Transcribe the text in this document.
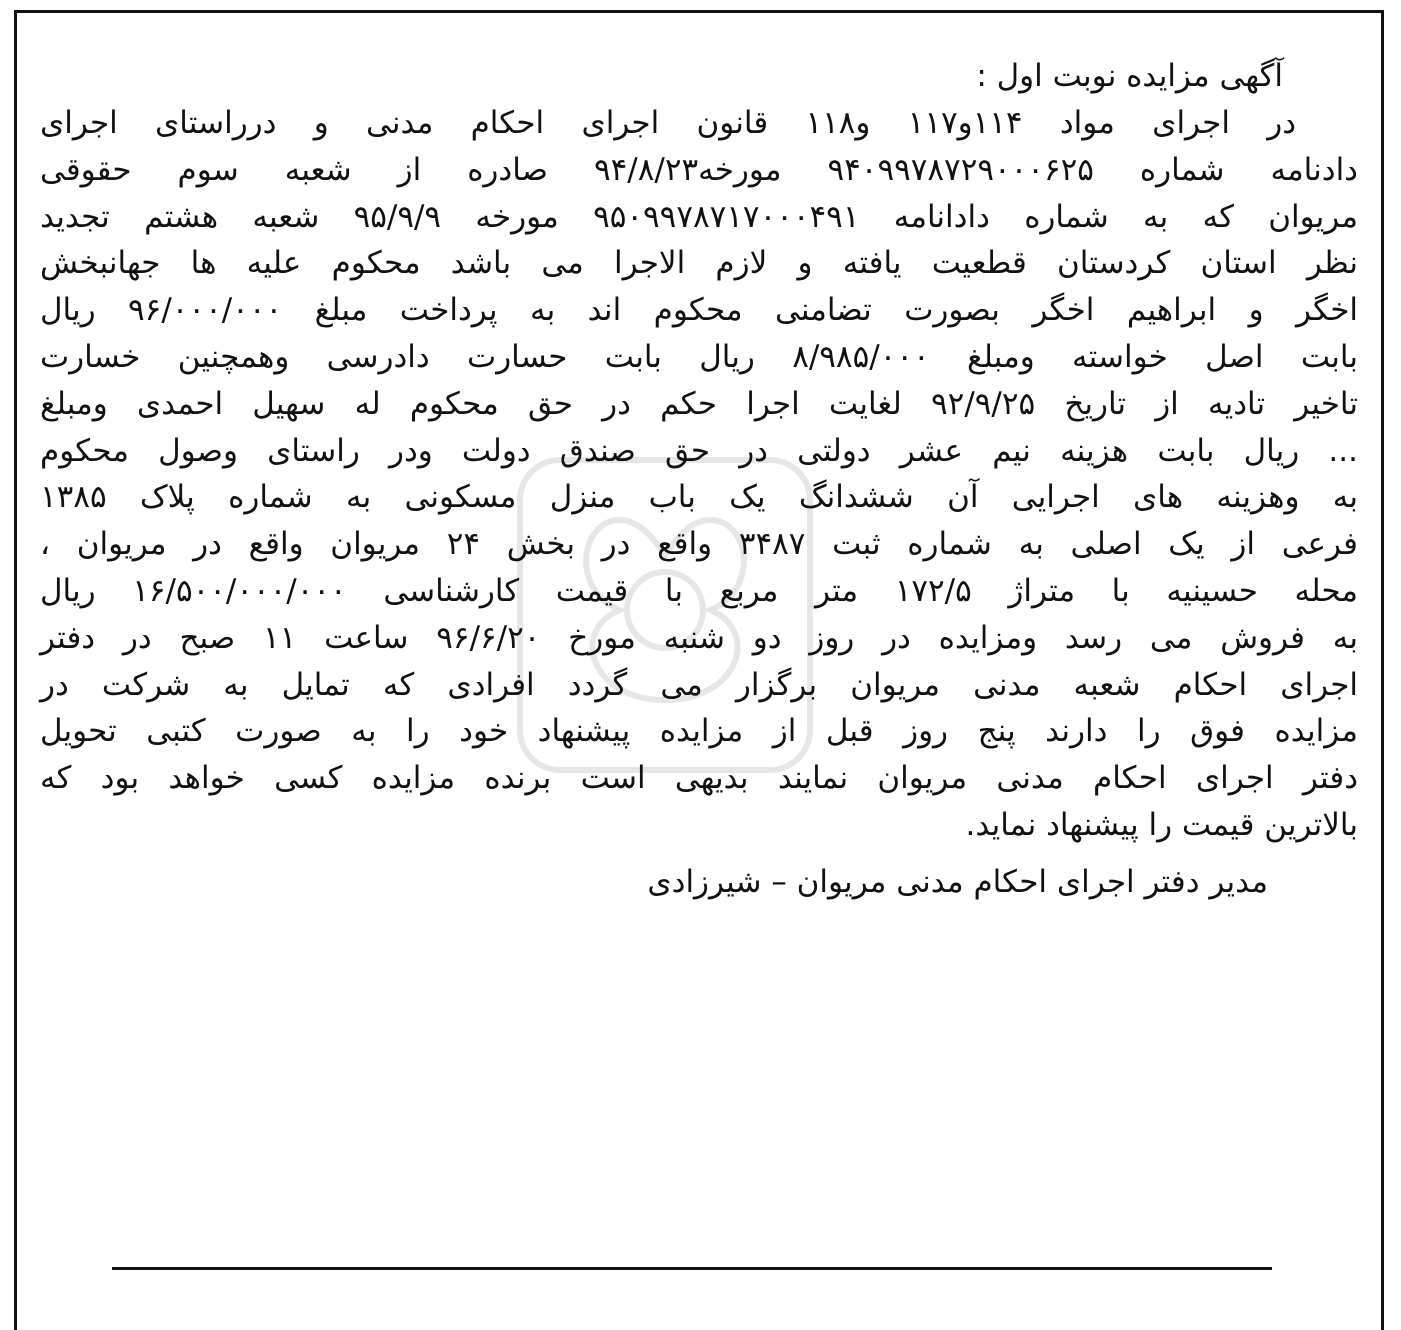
آگهی مزایده نوبت اول :
در اجرای مواد ۱۱۴و۱۱۷ و۱۱۸ قانون اجرای احکام مدنی و درراستای اجرای
دادنامه شماره ۹۴۰۹۹۷۸۷۲۹۰۰۰۶۲۵ مورخه۹۴/۸/۲۳ صادره از شعبه سوم حقوقی
مریوان که به شماره دادانامه ۹۵۰۹۹۷۸۷۱۷۰۰۰۴۹۱ مورخه ۹۵/۹/۹ شعبه هشتم تجدید
نظر استان کردستان قطعیت یافته و لازم الاجرا می باشد محکوم علیه ها جهانبخش
اخگر و ابراهیم اخگر بصورت تضامنی محکوم اند به پرداخت مبلغ ۹۶/۰۰۰/۰۰۰ ریال
بابت اصل خواسته ومبلغ ۸/۹۸۵/۰۰۰ ریال بابت حسارت دادرسی وهمچنین خسارت
تاخیر تادیه از تاریخ ۹۲/۹/۲۵ لغایت اجرا حکم در حق محکوم له سهیل احمدی ومبلغ
... ریال بابت هزینه نیم عشر دولتی در حق صندق دولت ودر راستای وصول محکوم
به وهزینه های اجرایی آن ششدانگ یک باب منزل مسکونی به شماره پلاک ۱۳۸۵
فرعی از یک اصلی به شماره ثبت ۳۴۸۷ واقع در بخش ۲۴ مریوان واقع در مریوان ،
محله حسینیه با متراژ ۱۷۲/۵ متر مربع با قیمت کارشناسی ۱۶/۵۰۰/۰۰۰/۰۰۰ ریال
به فروش می رسد ومزایده در روز دو شنبه مورخ ۹۶/۶/۲۰ ساعت ۱۱ صبح در دفتر
اجرای احکام شعبه مدنی مریوان برگزار می گردد افرادی که تمایل به شرکت در
مزایده فوق را دارند پنج روز قبل از مزایده پیشنهاد خود را به صورت کتبی تحویل
دفتر اجرای احکام مدنی مریوان نمایند بدیهی است برنده مزایده کسی خواهد بود که
بالاترین قیمت را پیشنهاد نماید.
مدیر دفتر اجرای احکام مدنی مریوان – شیرزادی
